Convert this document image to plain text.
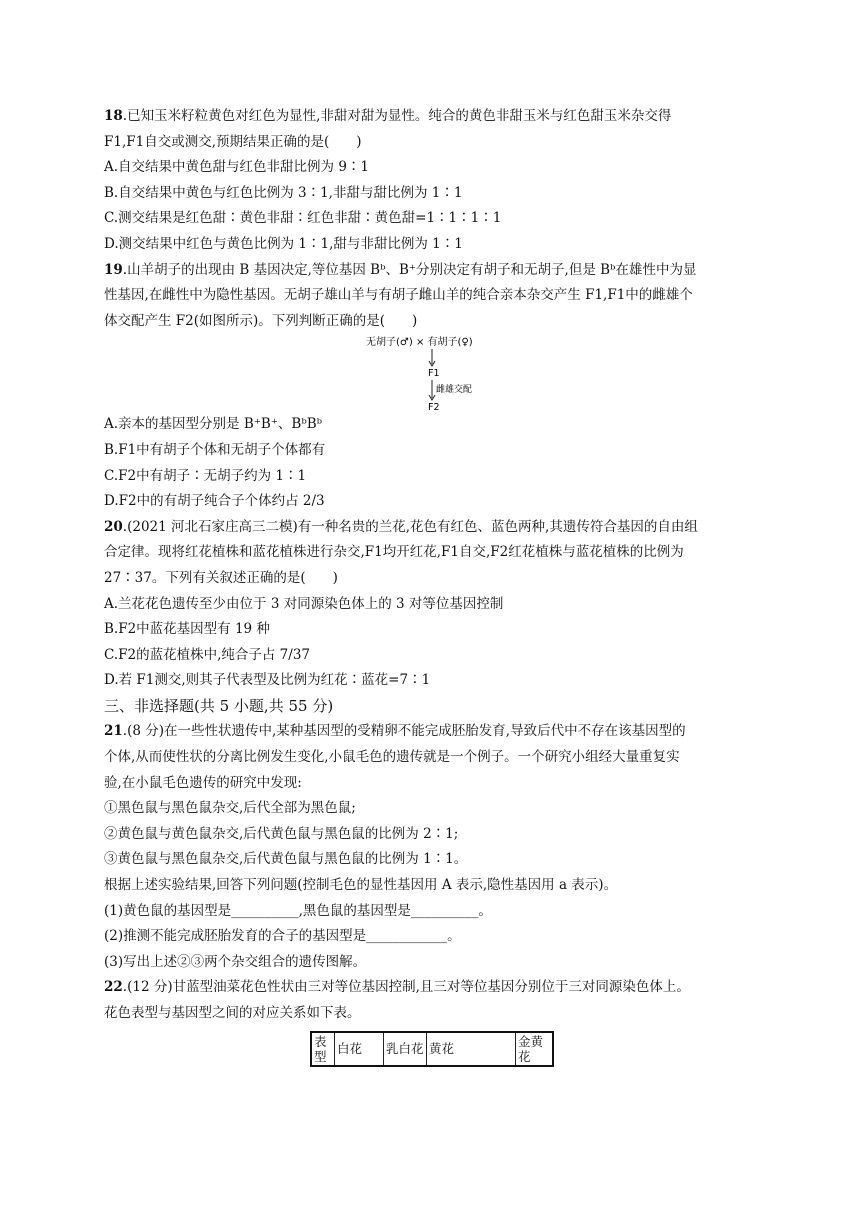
18.已知玉米籽粒黄色对红色为显性,非甜对甜为显性。纯合的黄色非甜玉米与红色甜玉米杂交得
F1,F1自交或测交,预期结果正确的是(　　)
A.自交结果中黄色甜与红色非甜比例为 9∶1
B.自交结果中黄色与红色比例为 3∶1,非甜与甜比例为 1∶1
C.测交结果是红色甜∶黄色非甜∶红色非甜∶黄色甜=1∶1∶1∶1
D.测交结果中红色与黄色比例为 1∶1,甜与非甜比例为 1∶1
19.山羊胡子的出现由 B 基因决定,等位基因 Bᵇ、B⁺分别决定有胡子和无胡子,但是 Bᵇ在雄性中为显
性基因,在雌性中为隐性基因。无胡子雄山羊与有胡子雌山羊的纯合亲本杂交产生 F1,F1中的雌雄个
体交配产生 F2(如图所示)。下列判断正确的是(　　)
无胡子(♂) × 有胡子(♀)
F1
雌雄交配
F2
A.亲本的基因型分别是 B⁺B⁺、BᵇBᵇ
B.F1中有胡子个体和无胡子个体都有
C.F2中有胡子∶无胡子约为 1∶1
D.F2中的有胡子纯合子个体约占 2/3
20.(2021 河北石家庄高三二模)有一种名贵的兰花,花色有红色、蓝色两种,其遗传符合基因的自由组
合定律。现将红花植株和蓝花植株进行杂交,F1均开红花,F1自交,F2红花植株与蓝花植株的比例为
27∶37。下列有关叙述正确的是(　　)
A.兰花花色遗传至少由位于 3 对同源染色体上的 3 对等位基因控制
B.F2中蓝花基因型有 19 种
C.F2的蓝花植株中,纯合子占 7/37
D.若 F1测交,则其子代表型及比例为红花∶蓝花=7∶1
三、非选择题(共 5 小题,共 55 分)
21.(8 分)在一些性状遗传中,某种基因型的受精卵不能完成胚胎发育,导致后代中不存在该基因型的
个体,从而使性状的分离比例发生变化,小鼠毛色的遗传就是一个例子。一个研究小组经大量重复实
验,在小鼠毛色遗传的研究中发现:
①黑色鼠与黑色鼠杂交,后代全部为黑色鼠;
②黄色鼠与黄色鼠杂交,后代黄色鼠与黑色鼠的比例为 2∶1;
③黄色鼠与黑色鼠杂交,后代黄色鼠与黑色鼠的比例为 1∶1。
根据上述实验结果,回答下列问题(控制毛色的显性基因用 A 表示,隐性基因用 a 表示)。
(1)黄色鼠的基因型是__________,黑色鼠的基因型是__________。
(2)推测不能完成胚胎发育的合子的基因型是____________。
(3)写出上述②③两个杂交组合的遗传图解。
22.(12 分)甘蓝型油菜花色性状由三对等位基因控制,且三对等位基因分别位于三对同源染色体上。
花色表型与基因型之间的对应关系如下表。
表型	白花	乳白花	黄花	金黄花
